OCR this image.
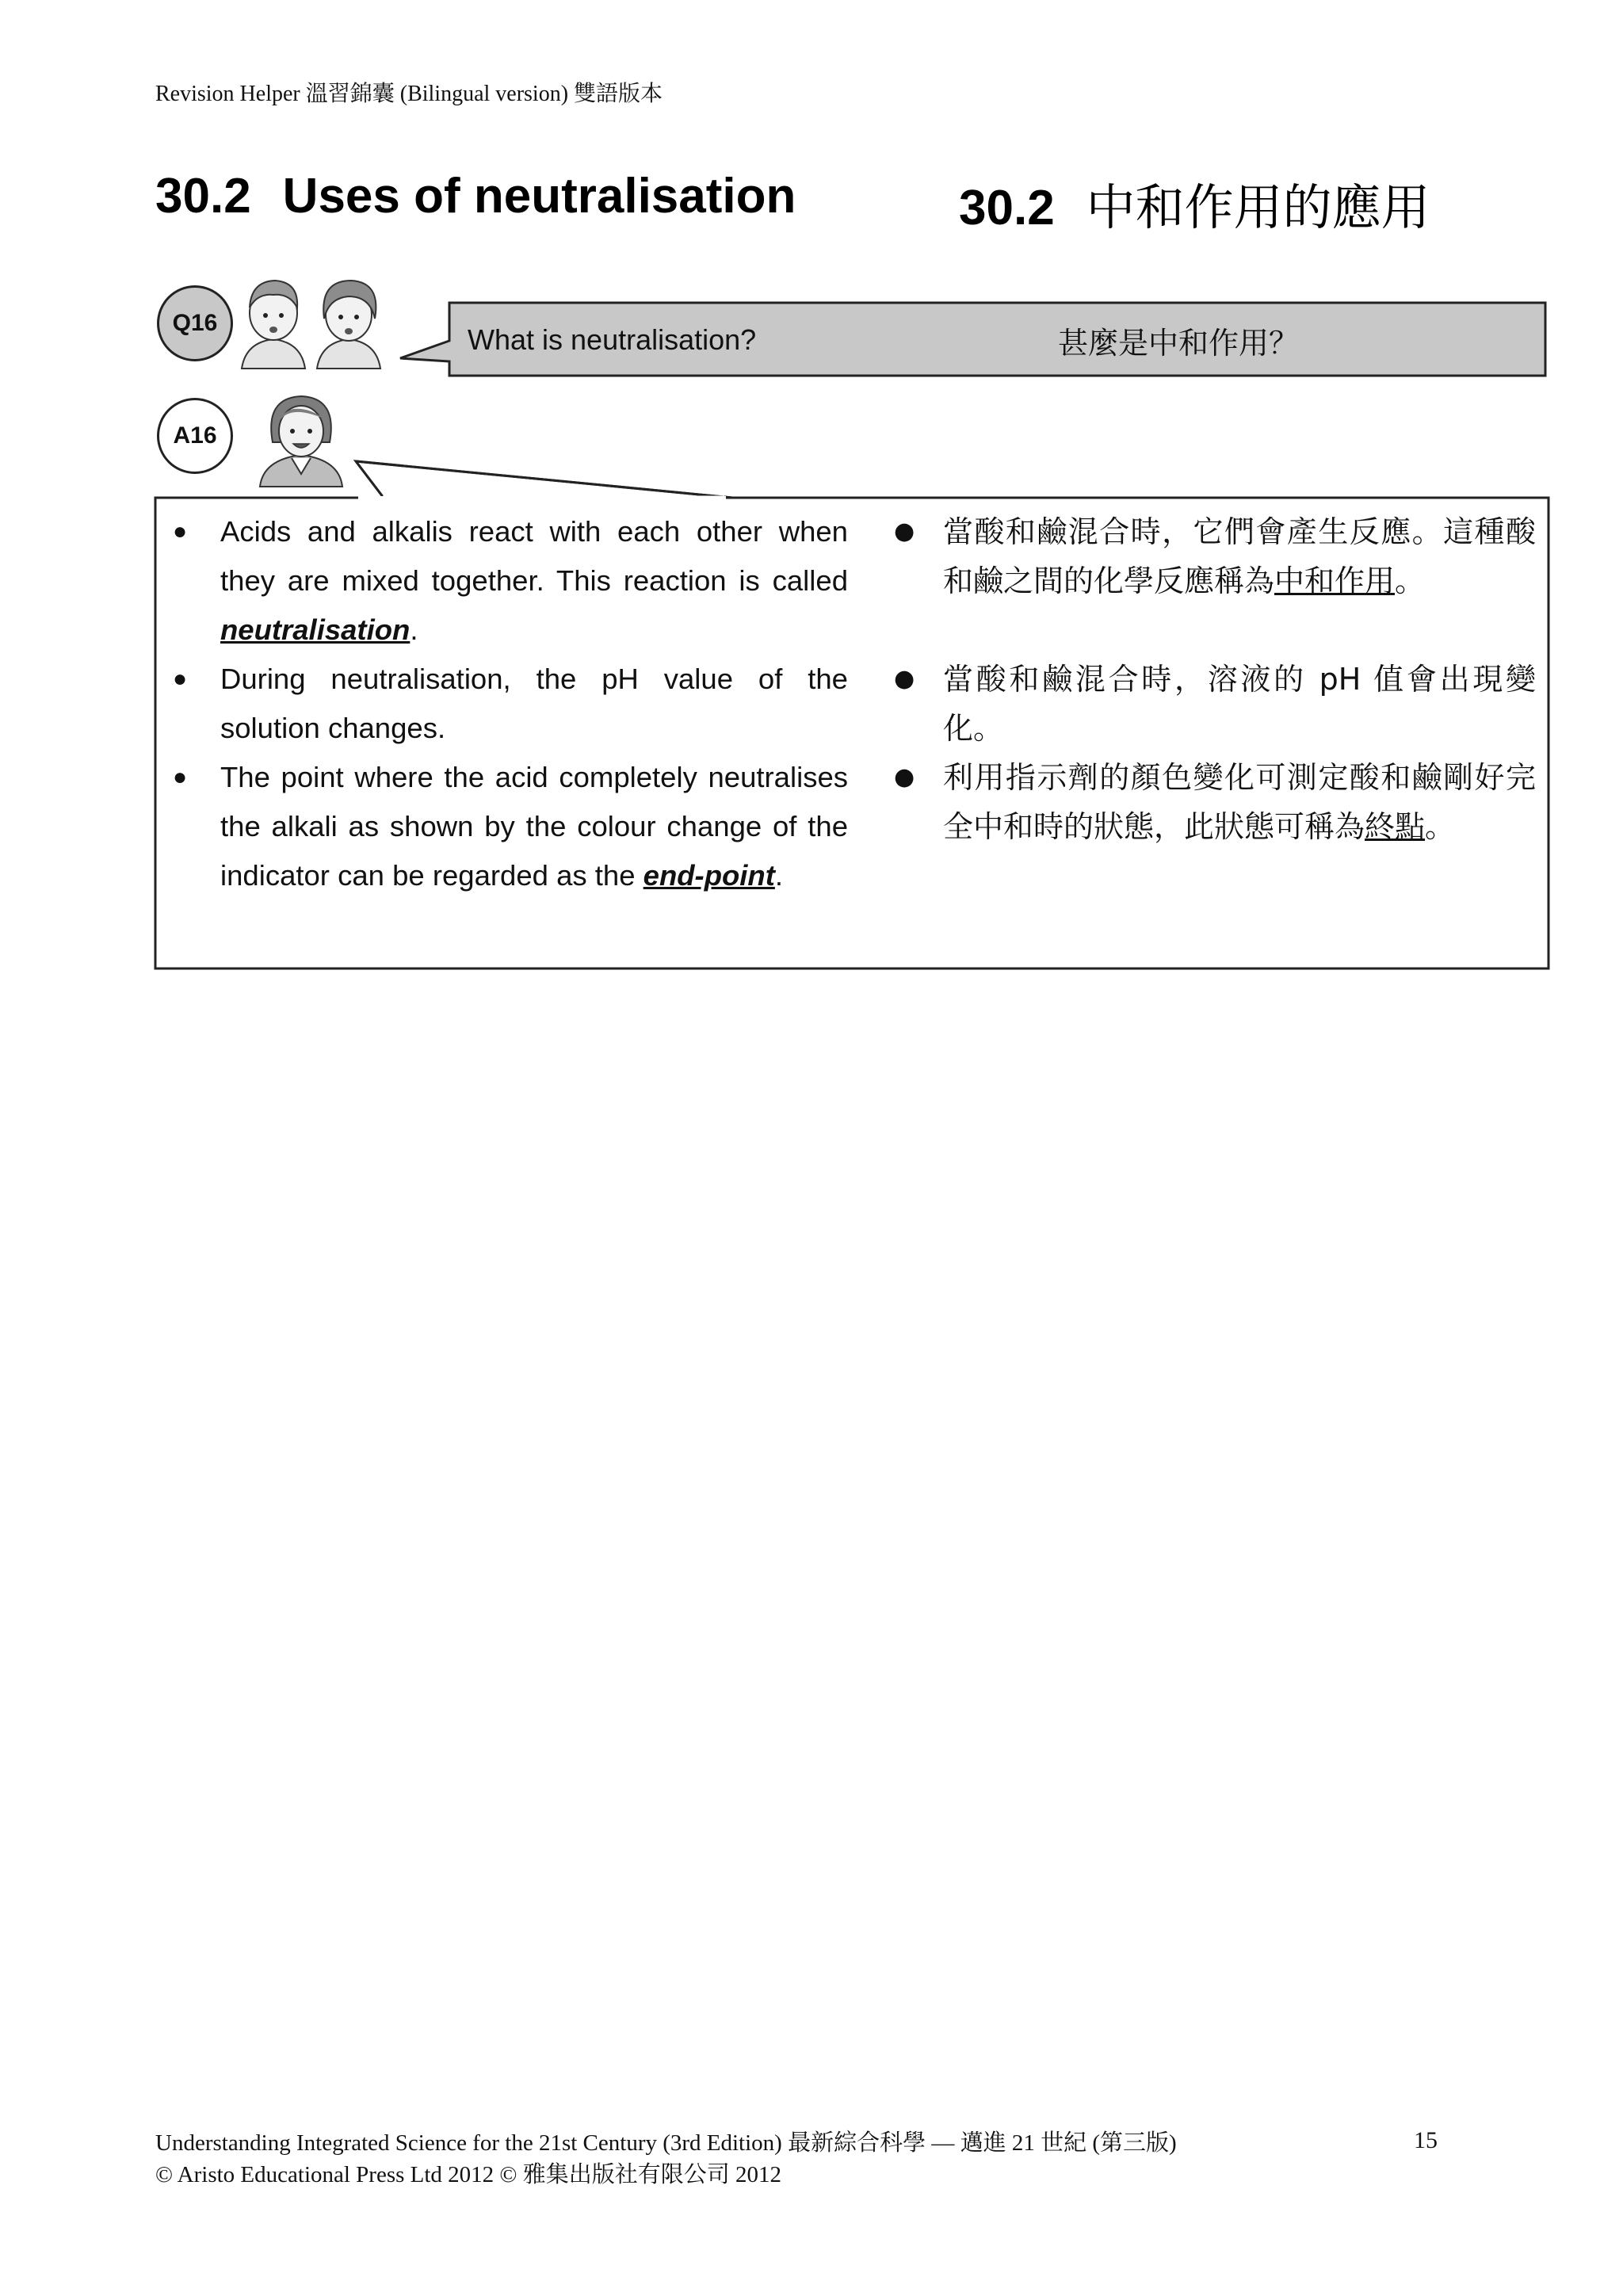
Revision Helper 溫習錦囊 (Bilingual version) 雙語版本
30.2 Uses of neutralisation	30.2 中和作用的應用
Q16
What is neutralisation?	甚麼是中和作用？
A16
● Acids and alkalis react with each other when they are mixed together. This reaction is called neutralisation.
● During neutralisation, the pH value of the solution changes.
● The point where the acid completely neutralises the alkali as shown by the colour change of the indicator can be regarded as the end-point.
● 當酸和鹼混合時，它們會產生反應。這種酸和鹼之間的化學反應稱為中和作用。
● 當酸和鹼混合時，溶液的 pH 值會出現變化。
● 利用指示劑的顏色變化可測定酸和鹼剛好完全中和時的狀態，此狀態可稱為終點。
Understanding Integrated Science for the 21st Century (3rd Edition) 最新綜合科學 — 邁進 21 世紀 (第三版)
© Aristo Educational Press Ltd 2012 © 雅集出版社有限公司 2012
15
